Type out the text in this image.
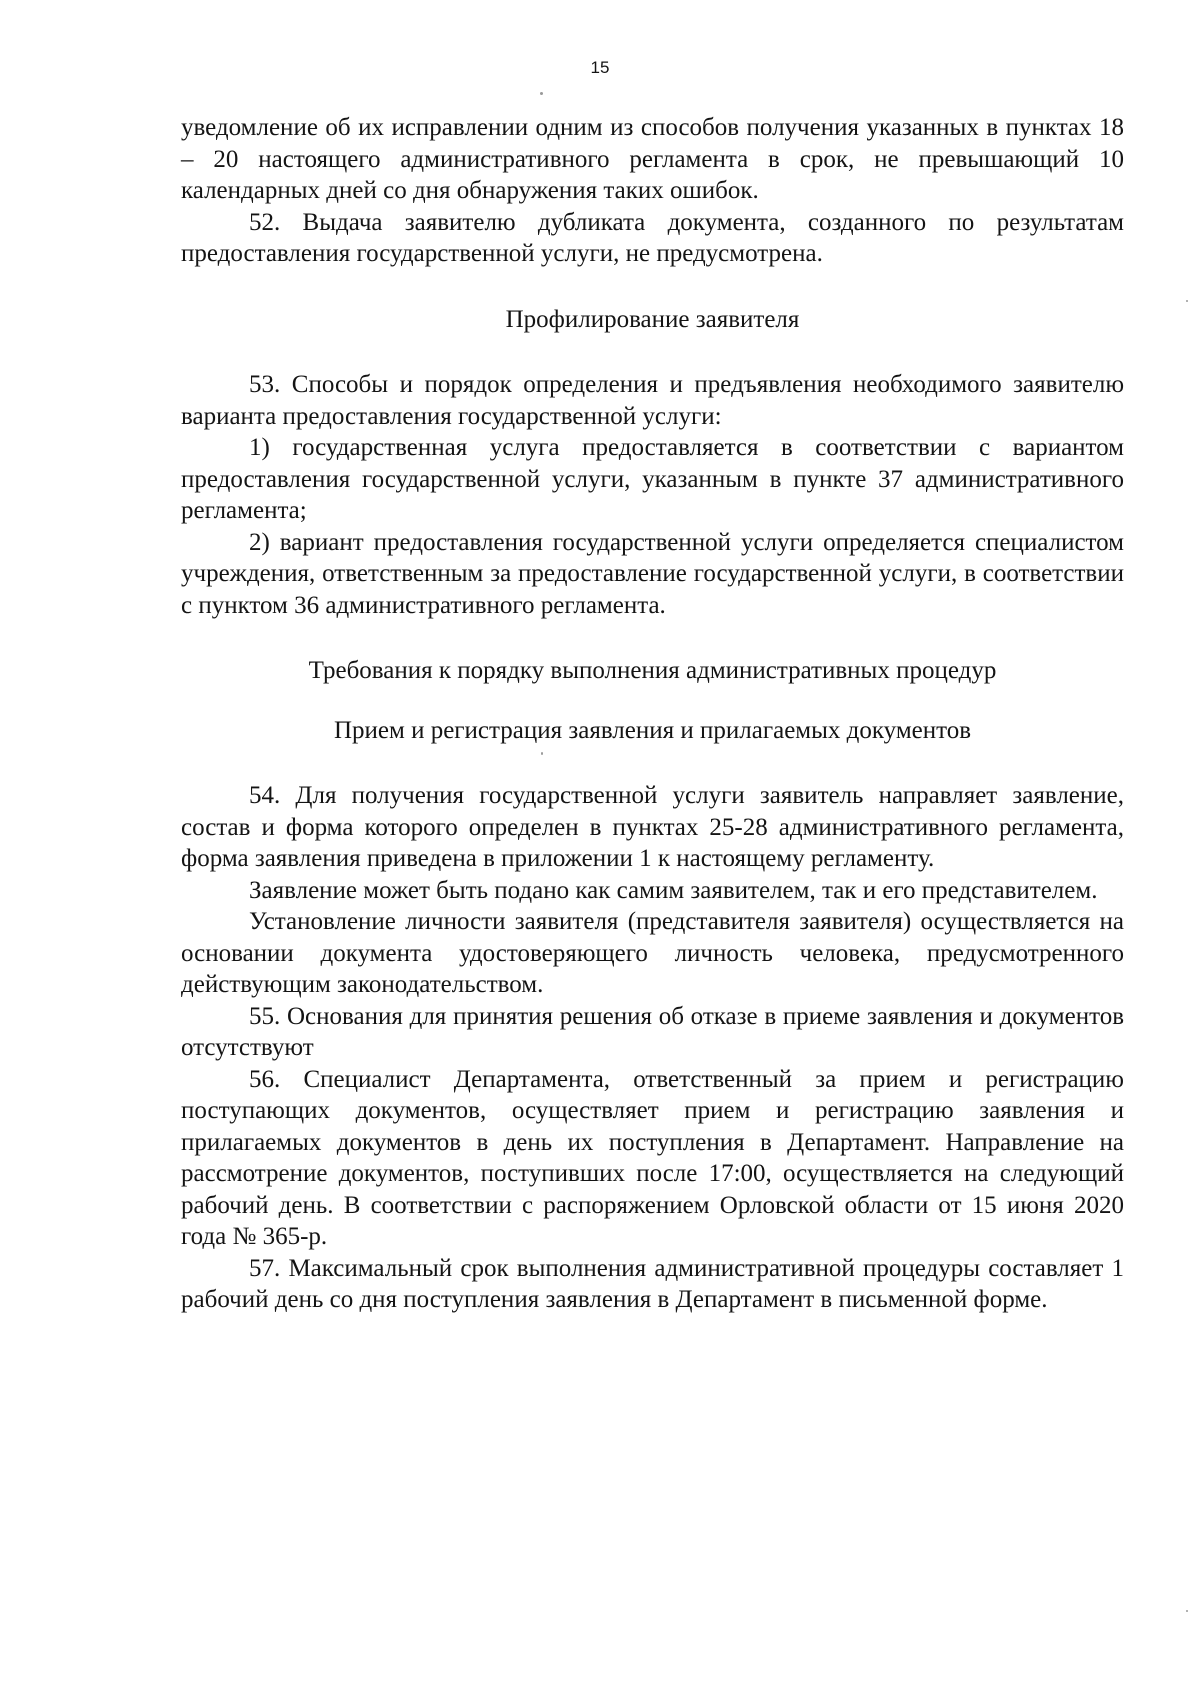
15

уведомление об их исправлении одним из способов получения указанных в пунктах 18 – 20 настоящего административного регламента в срок, не превышающий 10 календарных дней со дня обнаружения таких ошибок.

52. Выдача заявителю дубликата документа, созданного по результатам предоставления государственной услуги, не предусмотрена.

Профилирование заявителя

53. Способы и порядок определения и предъявления необходимого заявителю варианта предоставления государственной услуги:

1) государственная услуга предоставляется в соответствии с вариантом предоставления государственной услуги, указанным в пункте 37 административного регламента;

2) вариант предоставления государственной услуги определяется специалистом учреждения, ответственным за предоставление государственной услуги, в соответствии с пунктом 36 административного регламента.

Требования к порядку выполнения административных процедур
Прием и регистрация заявления и прилагаемых документов

54. Для получения государственной услуги заявитель направляет заявление, состав и форма которого определен в пунктах 25-28 административного регламента, форма заявления приведена в приложении 1 к настоящему регламенту.

Заявление может быть подано как самим заявителем, так и его представителем.

Установление личности заявителя (представителя заявителя) осуществляется на основании документа удостоверяющего личность человека, предусмотренного действующим законодательством.

55. Основания для принятия решения об отказе в приеме заявления и документов отсутствуют

56. Специалист Департамента, ответственный за прием и регистрацию поступающих документов, осуществляет прием и регистрацию заявления и прилагаемых документов в день их поступления в Департамент. Направление на рассмотрение документов, поступивших после 17:00, осуществляется на следующий рабочий день. В соответствии с распоряжением Орловской области от 15 июня 2020 года № 365-р.

57. Максимальный срок выполнения административной процедуры составляет 1 рабочий день со дня поступления заявления в Департамент в письменной форме.
